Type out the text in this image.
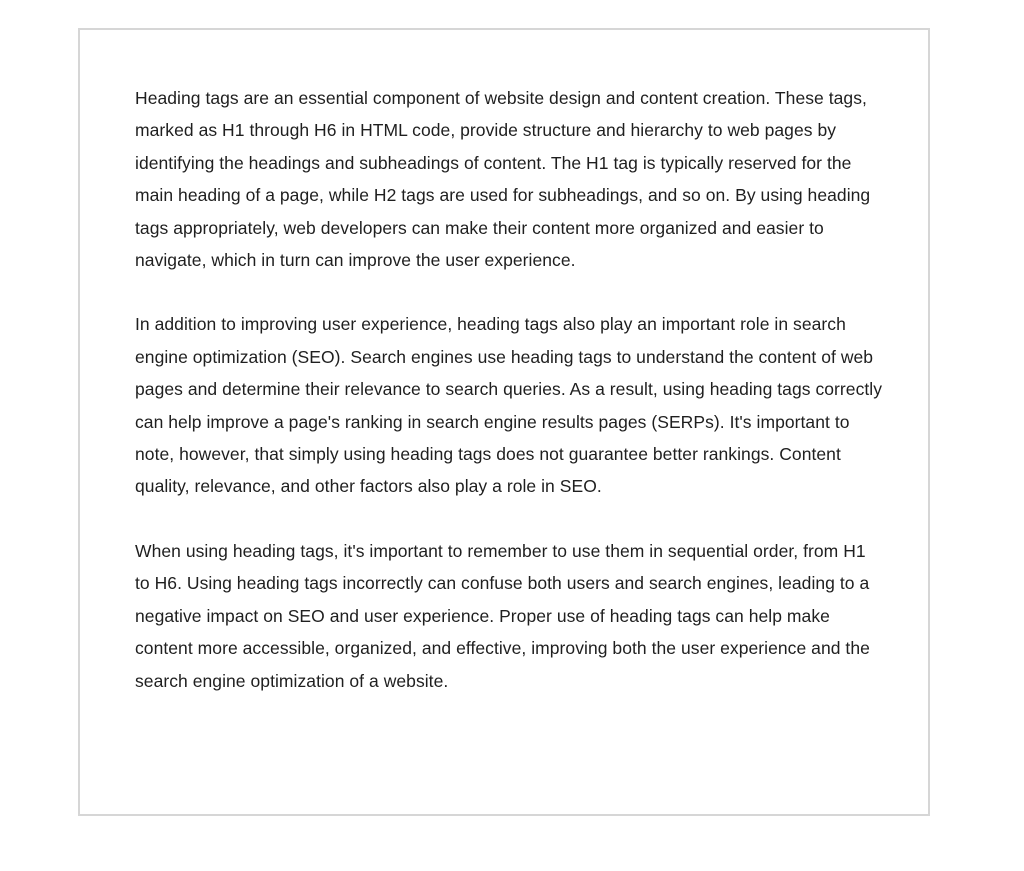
Heading tags are an essential component of website design and content creation. These tags, marked as H1 through H6 in HTML code, provide structure and hierarchy to web pages by identifying the headings and subheadings of content. The H1 tag is typically reserved for the main heading of a page, while H2 tags are used for subheadings, and so on. By using heading tags appropriately, web developers can make their content more organized and easier to navigate, which in turn can improve the user experience.

In addition to improving user experience, heading tags also play an important role in search engine optimization (SEO). Search engines use heading tags to understand the content of web pages and determine their relevance to search queries. As a result, using heading tags correctly can help improve a page's ranking in search engine results pages (SERPs). It's important to note, however, that simply using heading tags does not guarantee better rankings. Content quality, relevance, and other factors also play a role in SEO.

When using heading tags, it's important to remember to use them in sequential order, from H1 to H6. Using heading tags incorrectly can confuse both users and search engines, leading to a negative impact on SEO and user experience. Proper use of heading tags can help make content more accessible, organized, and effective, improving both the user experience and the search engine optimization of a website.
